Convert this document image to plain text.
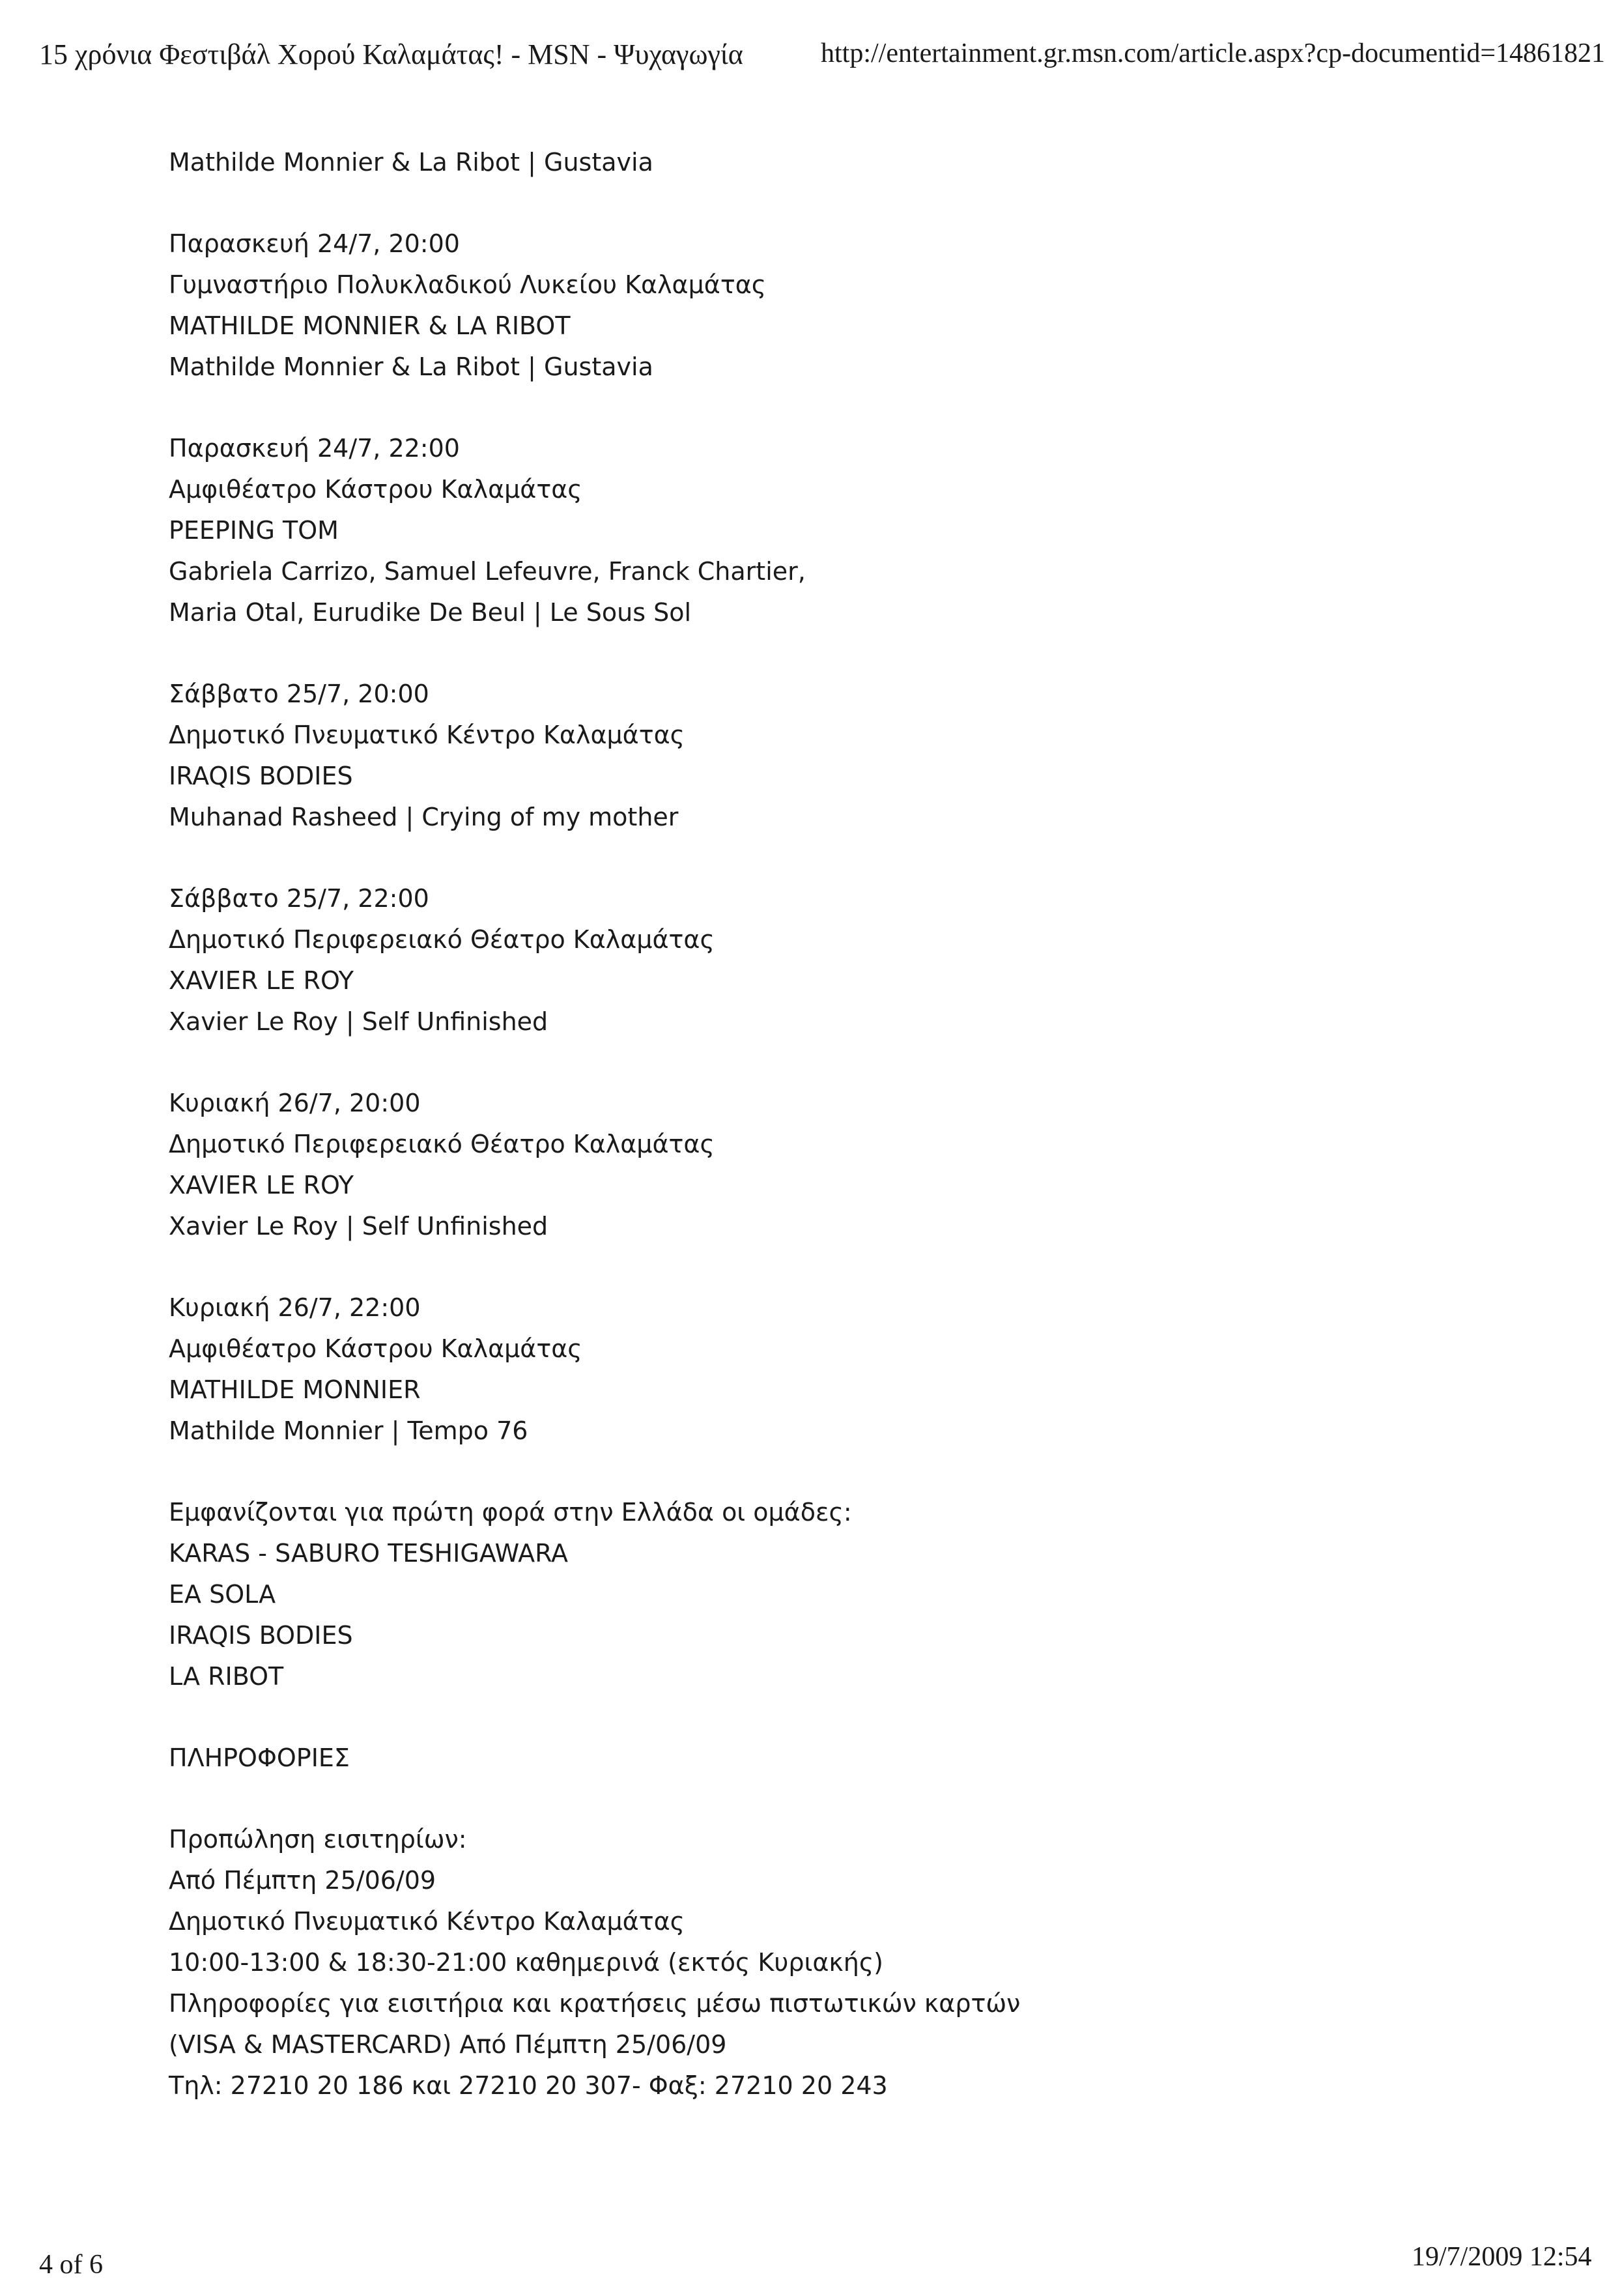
15 χρόνια Φεστιβάλ Χορού Καλαμάτας! - MSN - Ψυχαγωγία	http://entertainment.gr.msn.com/article.aspx?cp-documentid=14861821
Mathilde Monnier & La Ribot | Gustavia
Παρασκευή 24/7, 20:00
Γυμναστήριο Πολυκλαδικού Λυκείου Καλαμάτας
MATHILDE MONNIER & LA RIBOT
Mathilde Monnier & La Ribot | Gustavia
Παρασκευή 24/7, 22:00
Αμφιθέατρο Κάστρου Καλαμάτας
PEEPING TOM
Gabriela Carrizo, Samuel Lefeuvre, Franck Chartier,
Maria Otal, Eurudike De Beul | Le Sous Sol
Σάββατο 25/7, 20:00
Δημοτικό Πνευματικό Κέντρο Καλαμάτας
IRAQIS BODIES
Muhanad Rasheed | Crying of my mother
Σάββατο 25/7, 22:00
Δημοτικό Περιφερειακό Θέατρο Καλαμάτας
XAVIER LE ROY
Xavier Le Roy | Self Unfinished
Κυριακή 26/7, 20:00
Δημοτικό Περιφερειακό Θέατρο Καλαμάτας
XAVIER LE ROY
Xavier Le Roy | Self Unfinished
Κυριακή 26/7, 22:00
Αμφιθέατρο Κάστρου Καλαμάτας
MATHILDE MONNIER
Mathilde Monnier | Tempo 76
Εμφανίζονται για πρώτη φορά στην Ελλάδα οι ομάδες:
KARAS - SABURO TESHIGAWARA
EA SOLA
IRAQIS BODIES
LA RIBOT
ΠΛΗΡΟΦΟΡΙΕΣ
Προπώληση εισιτηρίων:
Από Πέμπτη 25/06/09
Δημοτικό Πνευματικό Κέντρο Καλαμάτας
10:00-13:00 & 18:30-21:00 καθημερινά (εκτός Κυριακής)
Πληροφορίες για εισιτήρια και κρατήσεις μέσω πιστωτικών καρτών
(VISA & MASTERCARD) Από Πέμπτη 25/06/09
Τηλ: 27210 20 186 και 27210 20 307- Φαξ: 27210 20 243
4 of 6	19/7/2009 12:54
